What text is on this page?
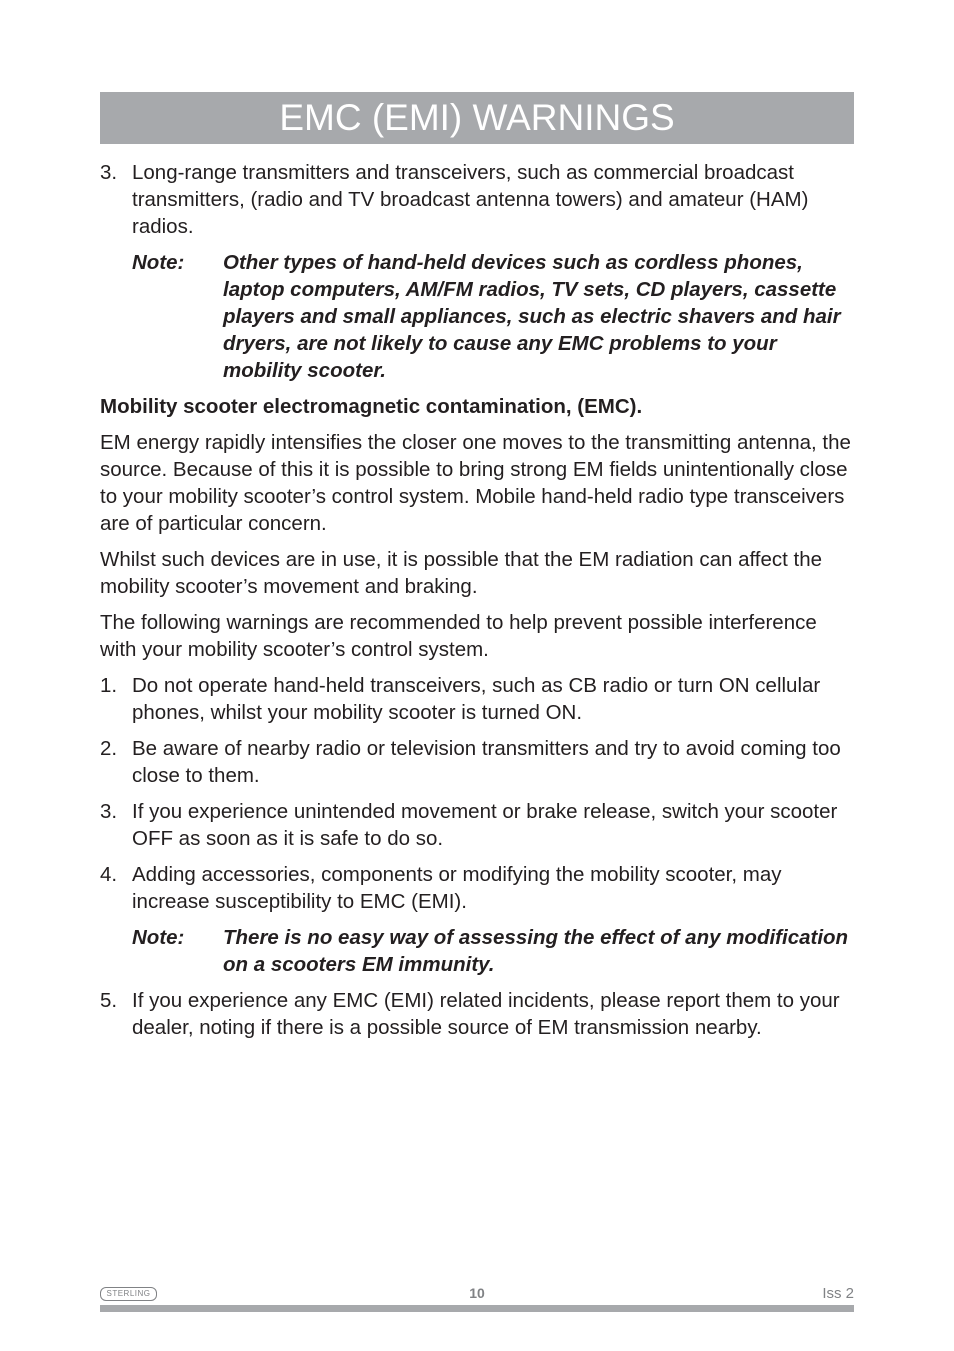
EMC (EMI) WARNINGS
3. Long-range transmitters and transceivers, such as commercial broadcast transmitters, (radio and TV broadcast antenna towers) and amateur (HAM) radios.
Note:	Other types of hand-held devices such as cordless phones, laptop computers, AM/FM radios, TV sets, CD players, cassette players and small appliances, such as electric shavers and hair dryers, are not likely to cause any EMC problems to your mobility scooter.
Mobility scooter electromagnetic contamination, (EMC).

EM energy rapidly intensifies the closer one moves to the transmitting antenna, the source. Because of this it is possible to bring strong EM fields unintentionally close to your mobility scooter’s control system. Mobile hand-held radio type transceivers are of particular concern.

Whilst such devices are in use, it is possible that the EM radiation can affect the mobility scooter’s movement and braking.

The following warnings are recommended to help prevent possible interference with your mobility scooter’s control system.

1. Do not operate hand-held transceivers, such as CB radio or turn ON cellular phones, whilst your mobility scooter is turned ON.
2. Be aware of nearby radio or television transmitters and try to avoid coming too close to them.
3. If you experience unintended movement or brake release, switch your scooter OFF as soon as it is safe to do so.
4. Adding accessories, components or modifying the mobility scooter, may increase susceptibility to EMC (EMI).
Note:	There is no easy way of assessing the effect of any modification on a scooters EM immunity.
5. If you experience any EMC (EMI) related incidents, please report them to your dealer, noting if there is a possible source of EM transmission nearby.
STERLING	10	Iss 2
